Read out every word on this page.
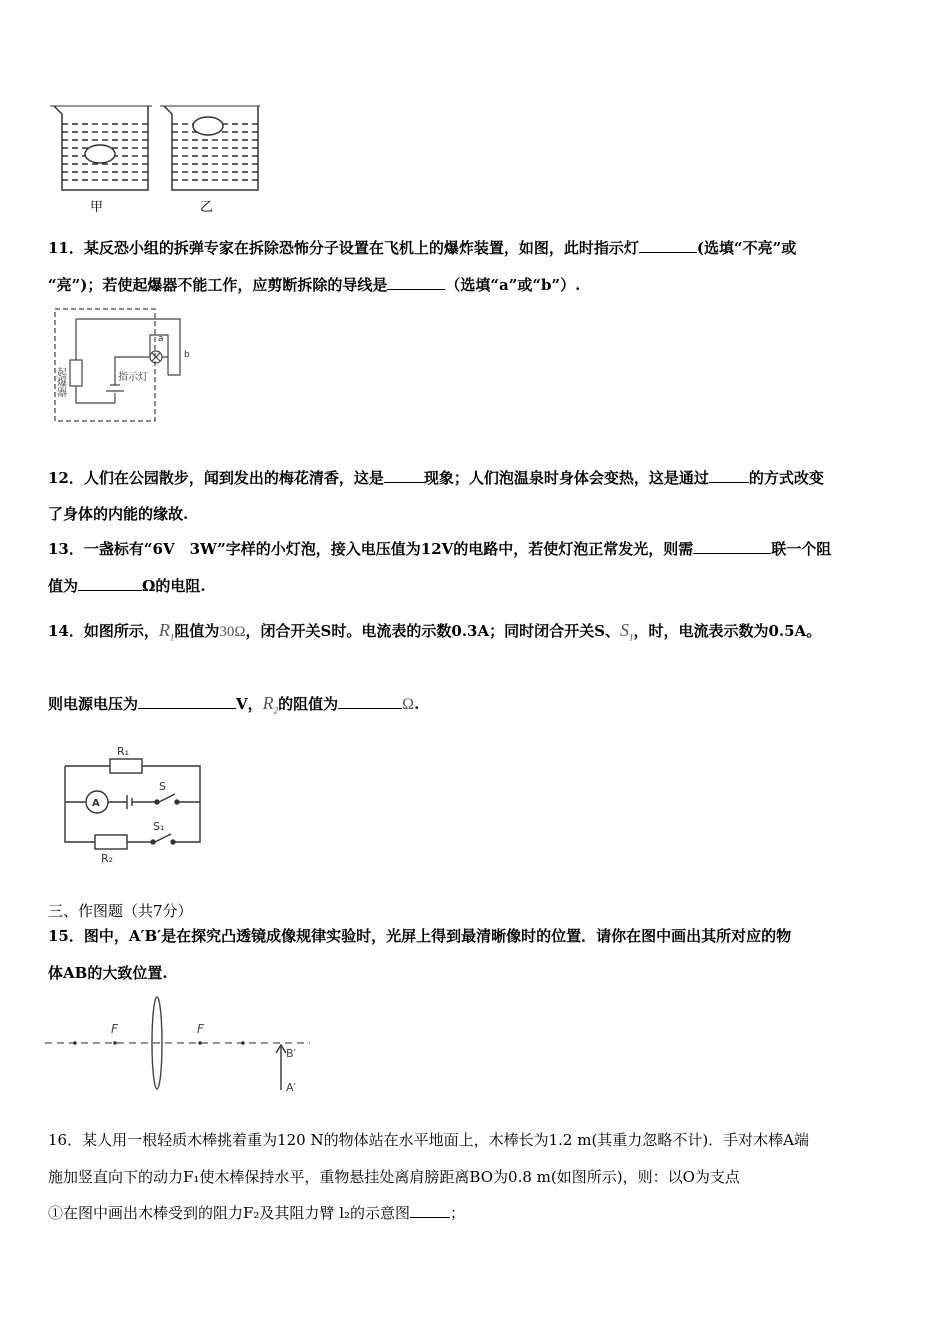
甲	乙
11．某反恐小组的拆弹专家在拆除恐怖分子设置在飞机上的爆炸装置，如图，此时指示灯	(选填“不亮”或
“亮”)；若使起爆器不能工作，应剪断拆除的导线是	（选填“a”或“b”）.
起爆器	指示灯
a
b
12．人们在公园散步，闻到发出的梅花清香，这是	现象；人们泡温泉时身体会变热，这是通过	的方式改变
了身体的内能的缘故.
13．一盏标有“6V　3W”字样的小灯泡，接入电压值为12V的电路中，若使灯泡正常发光，则需	联一个阻
值为	Ω的电阻.
14．如图所示，$R_1$阻值为30Ω，闭合开关S时。电流表的示数0.3A；同时闭合开关S、$S_1$，时，电流表示数为0.5A。
则电源电压为	V，$R_2$的阻值为	Ω.
R₁
A
S
S₁
R₂
三、作图题（共7分）
15．图中，A′B′是在探究凸透镜成像规律实验时，光屏上得到最清晰像时的位置．请你在图中画出其所对应的物
体AB的大致位置.
F	F
B′
A′
16．某人用一根轻质木棒挑着重为120 N的物体站在水平地面上，木棒长为1.2 m(其重力忽略不计)．手对木棒A端
施加竖直向下的动力F₁使木棒保持水平，重物悬挂处离肩膀距离BO为0.8 m(如图所示)，则：以O为支点
①在图中画出木棒受到的阻力F₂及其阻力臂 l₂的示意图	；
